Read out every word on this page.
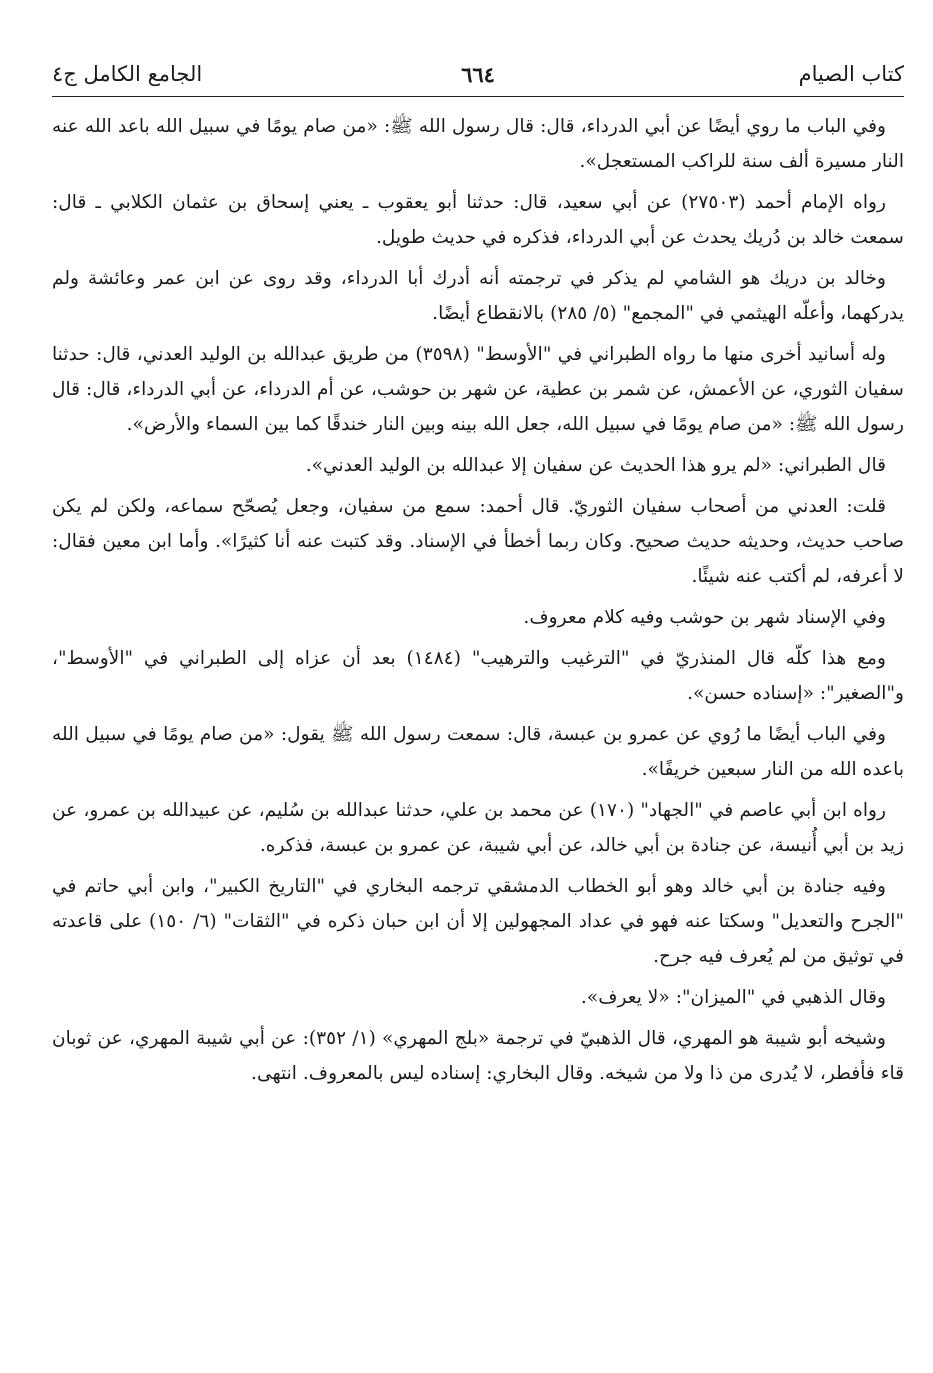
كتاب الصيام
٦٦٤
الجامع الكامل ج٤

وفي الباب ما روي أيضًا عن أبي الدرداء، قال: قال رسول الله ﷺ: «من صام يومًا في سبيل الله باعد الله عنه النار مسيرة ألف سنة للراكب المستعجل».

رواه الإمام أحمد (٢٧٥٠٣) عن أبي سعيد، قال: حدثنا أبو يعقوب ـ يعني إسحاق بن عثمان الكلابي ـ قال: سمعت خالد بن دُريك يحدث عن أبي الدرداء، فذكره في حديث طويل.

وخالد بن دريك هو الشامي لم يذكر في ترجمته أنه أدرك أبا الدرداء، وقد روى عن ابن عمر وعائشة ولم يدركهما، وأعلّه الهيثمي في "المجمع" (٥/ ٢٨٥) بالانقطاع أيضًا.

وله أسانيد أخرى منها ما رواه الطبراني في "الأوسط" (٣٥٩٨) من طريق عبدالله بن الوليد العدني، قال: حدثنا سفيان الثوري، عن الأعمش، عن شمر بن عطية، عن شهر بن حوشب، عن أم الدرداء، عن أبي الدرداء، قال: قال رسول الله ﷺ: «من صام يومًا في سبيل الله، جعل الله بينه وبين النار خندقًا كما بين السماء والأرض».

قال الطبراني: «لم يرو هذا الحديث عن سفيان إلا عبدالله بن الوليد العدني».

قلت: العدني من أصحاب سفيان الثوريّ. قال أحمد: سمع من سفيان، وجعل يُصحّح سماعه، ولكن لم يكن صاحب حديث، وحديثه حديث صحيح. وكان ربما أخطأ في الإسناد. وقد كتبت عنه أنا كثيرًا». وأما ابن معين فقال: لا أعرفه، لم أكتب عنه شيئًا.

وفي الإسناد شهر بن حوشب وفيه كلام معروف.

ومع هذا كلّه قال المنذريّ في "الترغيب والترهيب" (١٤٨٤) بعد أن عزاه إلى الطبراني في "الأوسط"، و"الصغير": «إسناده حسن».

وفي الباب أيضًا ما رُوي عن عمرو بن عبسة، قال: سمعت رسول الله ﷺ يقول: «من صام يومًا في سبيل الله باعده الله من النار سبعين خريفًا».

رواه ابن أبي عاصم في "الجهاد" (١٧٠) عن محمد بن علي، حدثنا عبدالله بن سُليم، عن عبيدالله بن عمرو، عن زيد بن أبي أُنيسة، عن جنادة بن أبي خالد، عن أبي شيبة، عن عمرو بن عبسة، فذكره.

وفيه جنادة بن أبي خالد وهو أبو الخطاب الدمشقي ترجمه البخاري في "التاريخ الكبير"، وابن أبي حاتم في "الجرح والتعديل" وسكتا عنه فهو في عداد المجهولين إلا أن ابن حبان ذكره في "الثقات" (٦/ ١٥٠) على قاعدته في توثيق من لم يُعرف فيه جرح.

وقال الذهبي في "الميزان": «لا يعرف».

وشيخه أبو شيبة هو المهري، قال الذهبيّ في ترجمة «بلج المهري» (١/ ٣٥٢): عن أبي شيبة المهري، عن ثوبان قاء فأفطر، لا يُدرى من ذا ولا من شيخه. وقال البخاري: إسناده ليس بالمعروف. انتهى.
